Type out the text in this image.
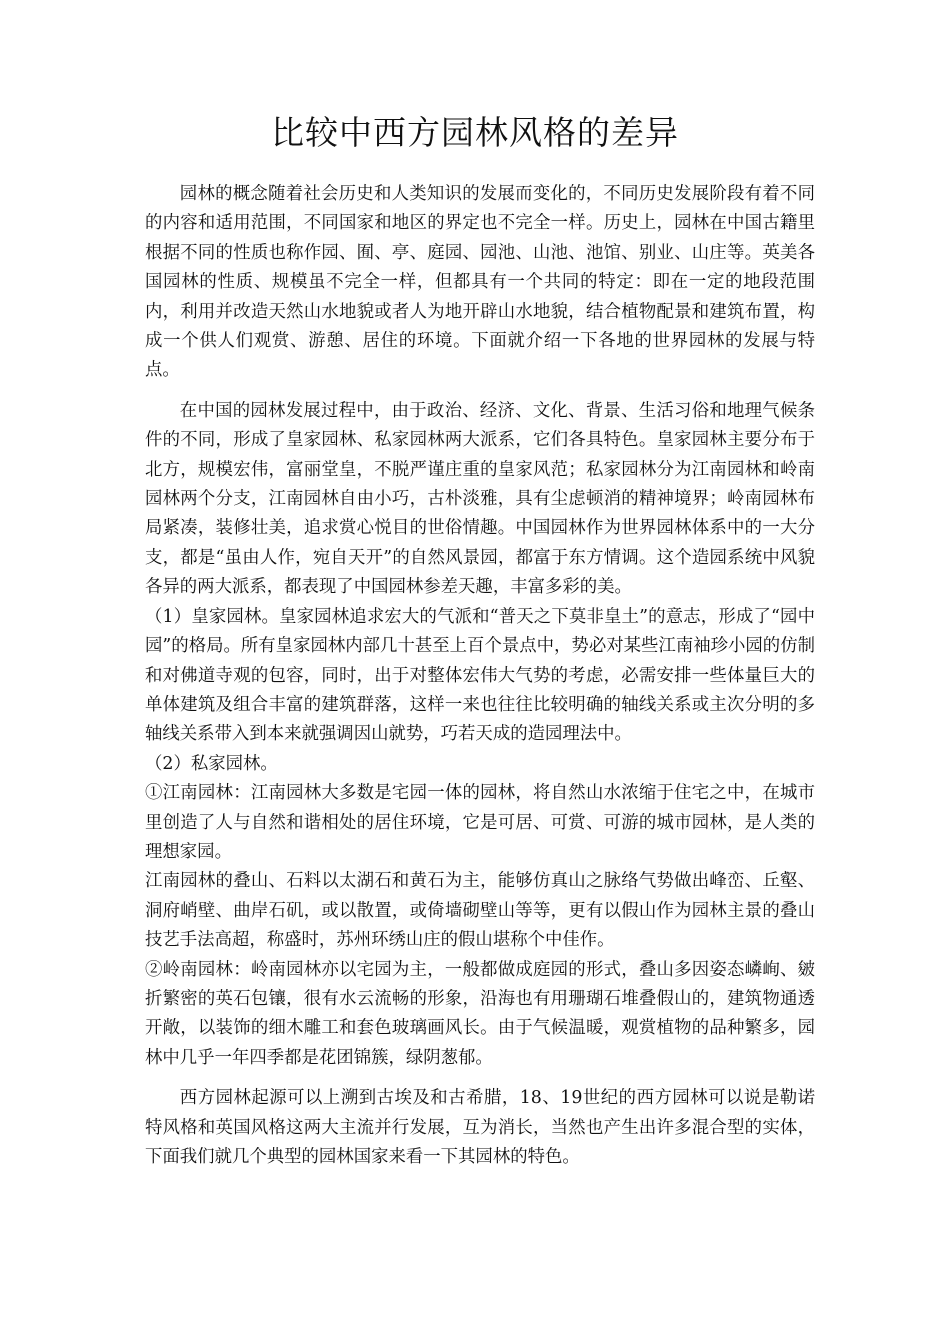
比较中西方园林风格的差异

园林的概念随着社会历史和人类知识的发展而变化的，不同历史发展阶段有着不同的内容和适用范围，不同国家和地区的界定也不完全一样。历史上，园林在中国古籍里根据不同的性质也称作园、囿、亭、庭园、园池、山池、池馆、别业、山庄等。英美各国园林的性质、规模虽不完全一样，但都具有一个共同的特定：即在一定的地段范围内，利用并改造天然山水地貌或者人为地开辟山水地貌，结合植物配景和建筑布置，构成一个供人们观赏、游憩、居住的环境。下面就介绍一下各地的世界园林的发展与特点。

在中国的园林发展过程中，由于政治、经济、文化、背景、生活习俗和地理气候条件的不同，形成了皇家园林、私家园林两大派系，它们各具特色。皇家园林主要分布于北方，规模宏伟，富丽堂皇，不脱严谨庄重的皇家风范；私家园林分为江南园林和岭南园林两个分支，江南园林自由小巧，古朴淡雅，具有尘虑顿消的精神境界；岭南园林布局紧凑，装修壮美，追求赏心悦目的世俗情趣。中国园林作为世界园林体系中的一大分支，都是“虽由人作，宛自天开”的自然风景园，都富于东方情调。这个造园系统中风貌各异的两大派系，都表现了中国园林参差天趣，丰富多彩的美。

（1）皇家园林。皇家园林追求宏大的气派和“普天之下莫非皇土”的意志，形成了“园中园”的格局。所有皇家园林内部几十甚至上百个景点中，势必对某些江南袖珍小园的仿制和对佛道寺观的包容，同时，出于对整体宏伟大气势的考虑，必需安排一些体量巨大的单体建筑及组合丰富的建筑群落，这样一来也往往比较明确的轴线关系或主次分明的多轴线关系带入到本来就强调因山就势，巧若天成的造园理法中。

（2）私家园林。

①江南园林：江南园林大多数是宅园一体的园林，将自然山水浓缩于住宅之中，在城市里创造了人与自然和谐相处的居住环境，它是可居、可赏、可游的城市园林，是人类的理想家园。

江南园林的叠山、石料以太湖石和黄石为主，能够仿真山之脉络气势做出峰峦、丘壑、洞府峭壁、曲岸石矶，或以散置，或倚墙砌壁山等等，更有以假山作为园林主景的叠山技艺手法高超，称盛时，苏州环绣山庄的假山堪称个中佳作。

②岭南园林：岭南园林亦以宅园为主，一般都做成庭园的形式，叠山多因姿态嶙峋、皴折繁密的英石包镶，很有水云流畅的形象，沿海也有用珊瑚石堆叠假山的，建筑物通透开敞，以装饰的细木雕工和套色玻璃画风长。由于气候温暖，观赏植物的品种繁多，园林中几乎一年四季都是花团锦簇，绿阴葱郁。

西方园林起源可以上溯到古埃及和古希腊，18、19世纪的西方园林可以说是勒诺特风格和英国风格这两大主流并行发展，互为消长，当然也产生出许多混合型的实体，下面我们就几个典型的园林国家来看一下其园林的特色。
